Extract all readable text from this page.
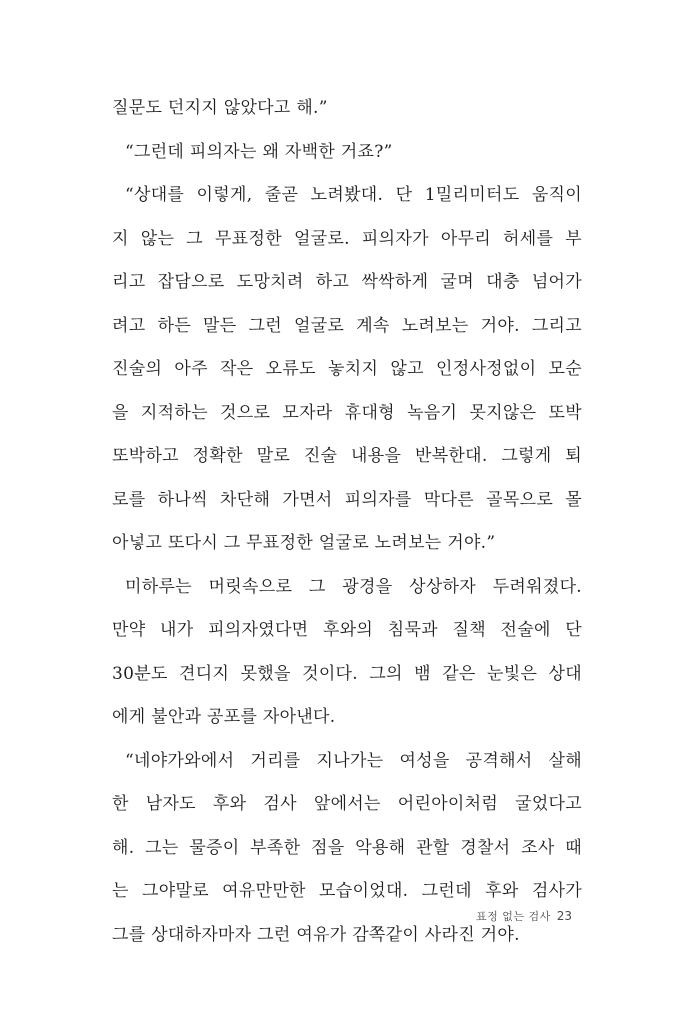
질문도 던지지 않았다고 해.”
“그런데 피의자는 왜 자백한 거죠?”
“상대를 이렇게, 줄곧 노려봤대. 단 1밀리미터도 움직이
지 않는 그 무표정한 얼굴로. 피의자가 아무리 허세를 부
리고 잡담으로 도망치려 하고 싹싹하게 굴며 대충 넘어가
려고 하든 말든 그런 얼굴로 계속 노려보는 거야. 그리고
진술의 아주 작은 오류도 놓치지 않고 인정사정없이 모순
을 지적하는 것으로 모자라 휴대형 녹음기 못지않은 또박
또박하고 정확한 말로 진술 내용을 반복한대. 그렇게 퇴
로를 하나씩 차단해 가면서 피의자를 막다른 골목으로 몰
아넣고 또다시 그 무표정한 얼굴로 노려보는 거야.”
미하루는 머릿속으로 그 광경을 상상하자 두려워졌다.
만약 내가 피의자였다면 후와의 침묵과 질책 전술에 단
30분도 견디지 못했을 것이다. 그의 뱀 같은 눈빛은 상대
에게 불안과 공포를 자아낸다.
“네야가와에서 거리를 지나가는 여성을 공격해서 살해
한 남자도 후와 검사 앞에서는 어린아이처럼 굴었다고
해. 그는 물증이 부족한 점을 악용해 관할 경찰서 조사 때
는 그야말로 여유만만한 모습이었대. 그런데 후와 검사가
그를 상대하자마자 그런 여유가 감쪽같이 사라진 거야.
표정 없는 검사 23
